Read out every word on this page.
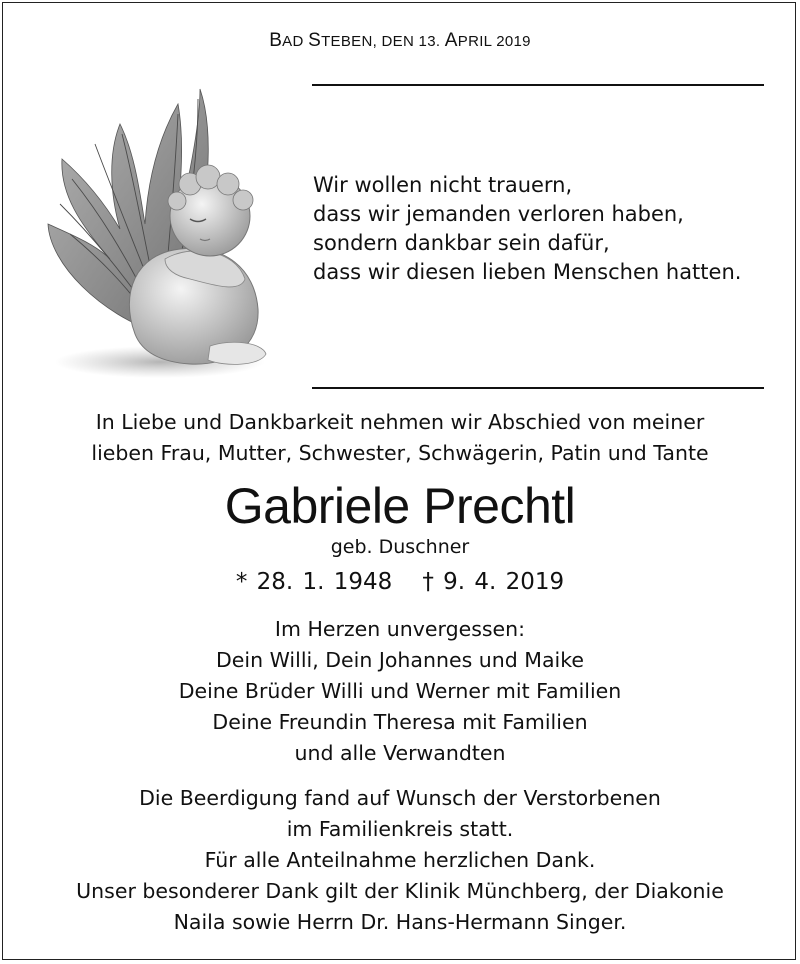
BAD STEBEN, DEN 13. APRIL 2019
Wir wollen nicht trauern,
dass wir jemanden verloren haben,
sondern dankbar sein dafür,
dass wir diesen lieben Menschen hatten.
In Liebe und Dankbarkeit nehmen wir Abschied von meiner
lieben Frau, Mutter, Schwester, Schwägerin, Patin und Tante
Gabriele Prechtl
geb. Duschner
* 28. 1. 1948 † 9. 4. 2019
Im Herzen unvergessen:
Dein Willi, Dein Johannes und Maike
Deine Brüder Willi und Werner mit Familien
Deine Freundin Theresa mit Familien
und alle Verwandten
Die Beerdigung fand auf Wunsch der Verstorbenen
im Familienkreis statt.
Für alle Anteilnahme herzlichen Dank.
Unser besonderer Dank gilt der Klinik Münchberg, der Diakonie
Naila sowie Herrn Dr. Hans-Hermann Singer.
